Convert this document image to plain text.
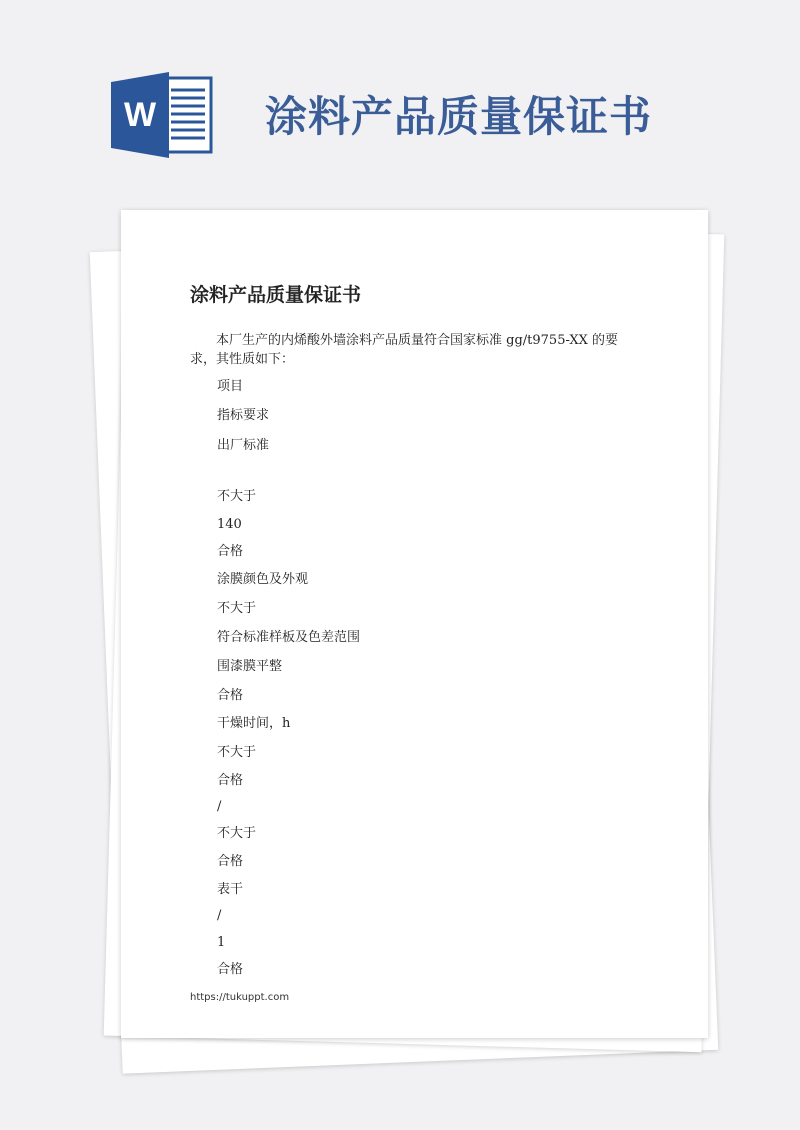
W	涂料产品质量保证书
涂料产品质量保证书

本厂生产的内烯酸外墙涂料产品质量符合国家标准 gg/t9755-XX 的要求，其性质如下：

项目

指标要求

出厂标准

不大于

140

合格

涂膜颜色及外观

不大于

符合标准样板及色差范围

围漆膜平整

合格

干燥时间，h

不大于

合格

/

不大于

合格

表干

/

1

合格

https://tukuppt.com
